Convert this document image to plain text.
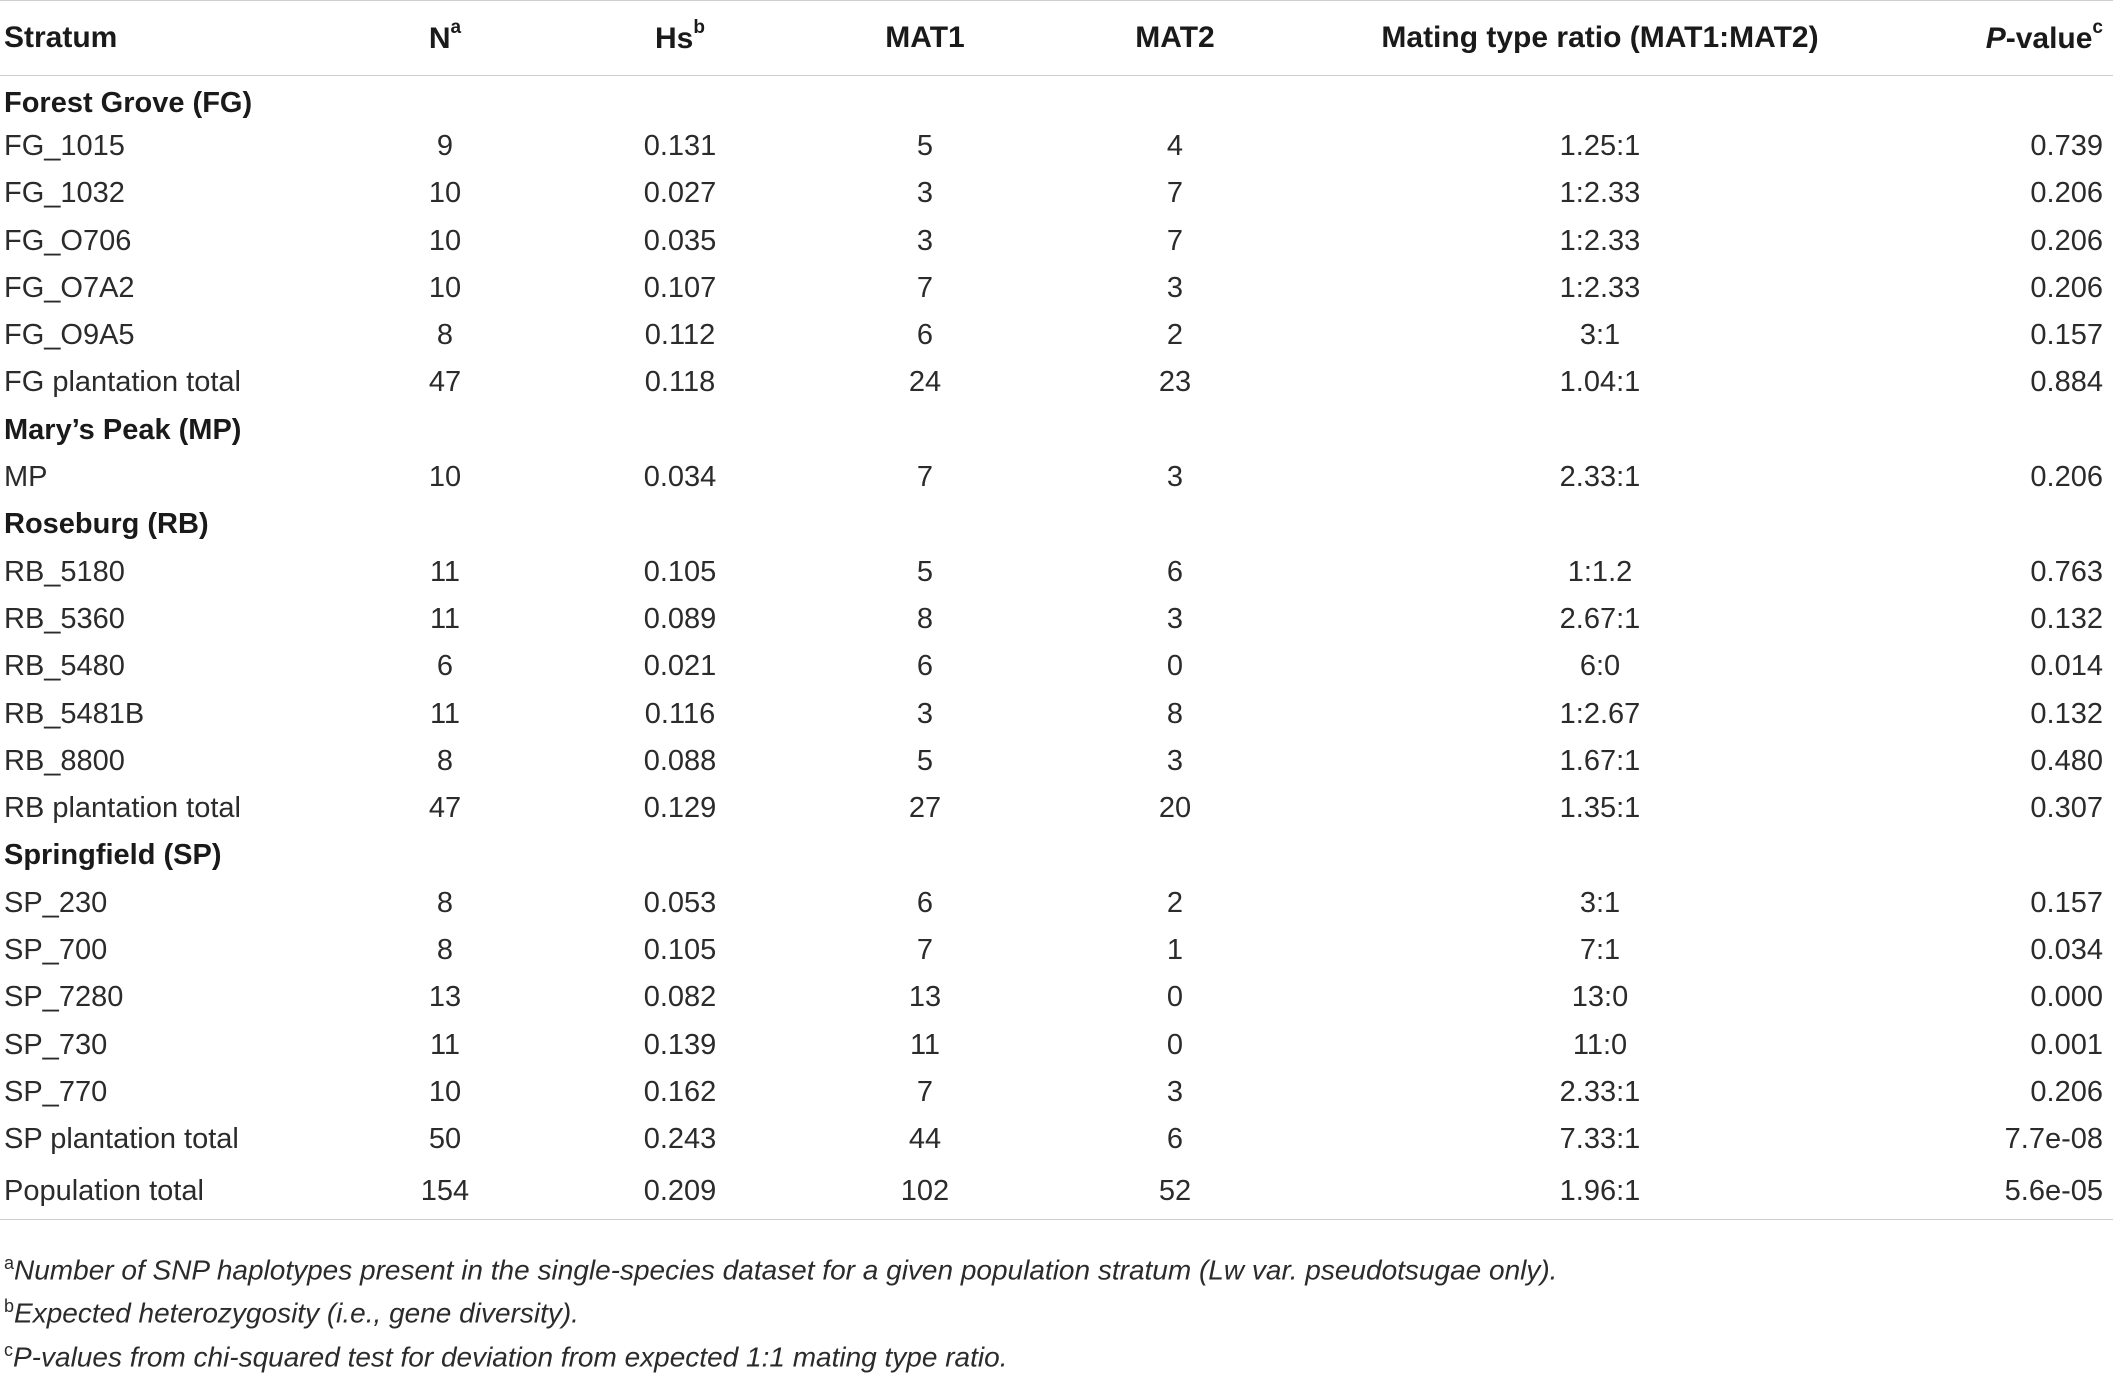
Stratum	$N^a$	Hs$^b$	MAT1	MAT2	Mating type ratio (MAT1:MAT2)	P-value$^c$
Forest Grove (FG)						
FG_1015	9	0.131	5	4	1.25:1	0.739
FG_1032	10	0.027	3	7	1:2.33	0.206
FG_O706	10	0.035	3	7	1:2.33	0.206
FG_O7A2	10	0.107	7	3	1:2.33	0.206
FG_O9A5	8	0.112	6	2	3:1	0.157
FG plantation total	47	0.118	24	23	1.04:1	0.884
Mary’s Peak (MP)						
MP	10	0.034	7	3	2.33:1	0.206
Roseburg (RB)						
RB_5180	11	0.105	5	6	1:1.2	0.763
RB_5360	11	0.089	8	3	2.67:1	0.132
RB_5480	6	0.021	6	0	6:0	0.014
RB_5481B	11	0.116	3	8	1:2.67	0.132
RB_8800	8	0.088	5	3	1.67:1	0.480
RB plantation total	47	0.129	27	20	1.35:1	0.307
Springfield (SP)						
SP_230	8	0.053	6	2	3:1	0.157
SP_700	8	0.105	7	1	7:1	0.034
SP_7280	13	0.082	13	0	13:0	0.000
SP_730	11	0.139	11	0	11:0	0.001
SP_770	10	0.162	7	3	2.33:1	0.206
SP plantation total	50	0.243	44	6	7.33:1	7.7e-08
Population total	154	0.209	102	52	1.96:1	5.6e-05
$^a$Number of SNP haplotypes present in the single-species dataset for a given population stratum (Lw var. pseudotsugae only).
$^b$Expected heterozygosity (i.e., gene diversity).
$^c$P-values from chi-squared test for deviation from expected 1:1 mating type ratio.
